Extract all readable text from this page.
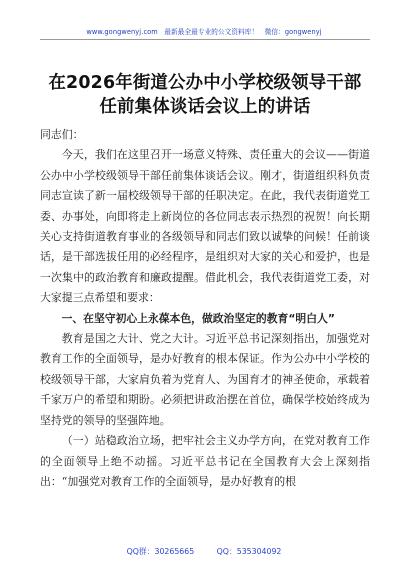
www.gongwenyj.com 最新最全最专业的公文资料库！ 微信：gongwenyj
在2026年街道公办中小学校级领导干部任前集体谈话会议上的讲话

同志们：

今天，我们在这里召开一场意义特殊、责任重大的会议——街道公办中小学校级领导干部任前集体谈话会议。刚才，街道组织科负责同志宣读了新一届校级领导干部的任职决定。在此，我代表街道党工委、办事处，向即将走上新岗位的各位同志表示热烈的祝贺！向长期关心支持街道教育事业的各级领导和同志们致以诚挚的问候！任前谈话，是干部选拔任用的必经程序，是组织对大家的关心和爱护，也是一次集中的政治教育和廉政提醒。借此机会，我代表街道党工委，对大家提三点希望和要求：

一、在坚守初心上永葆本色，做政治坚定的教育“明白人”

教育是国之大计、党之大计。习近平总书记深刻指出，加强党对教育工作的全面领导，是办好教育的根本保证。作为公办中小学校的校级领导干部，大家肩负着为党育人、为国育才的神圣使命，承载着千家万户的希望和期盼。必须把讲政治摆在首位，确保学校始终成为坚持党的领导的坚强阵地。

（一）站稳政治立场，把牢社会主义办学方向，在党对教育工作的全面领导上绝不动摇。习近平总书记在全国教育大会上深刻指出：“加强党对教育工作的全面领导，是办好教育的根

QQ群：30265665	QQ：535304092
